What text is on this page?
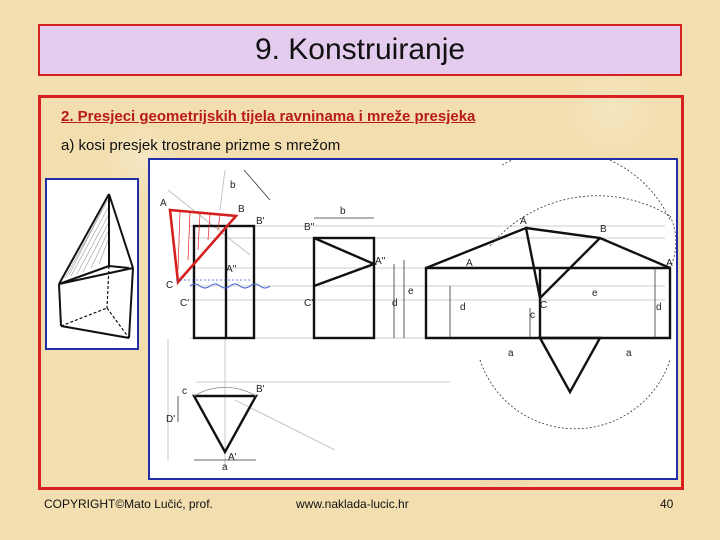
9. Konstruiranje
2. Presjeci geometrijskih tijela ravninama i mreže presjeka
a) kosi presjek trostrane prizme s mrežom
A
B
B'
B''
A''
A''
C
C'	C''
b
b
d
e
A
B
A	A
C
d	d
e
c
a	a
B'
c
A'
a
D'
COPYRIGHT©Mato Lučić, prof.	www.naklada-lucic.hr	40
